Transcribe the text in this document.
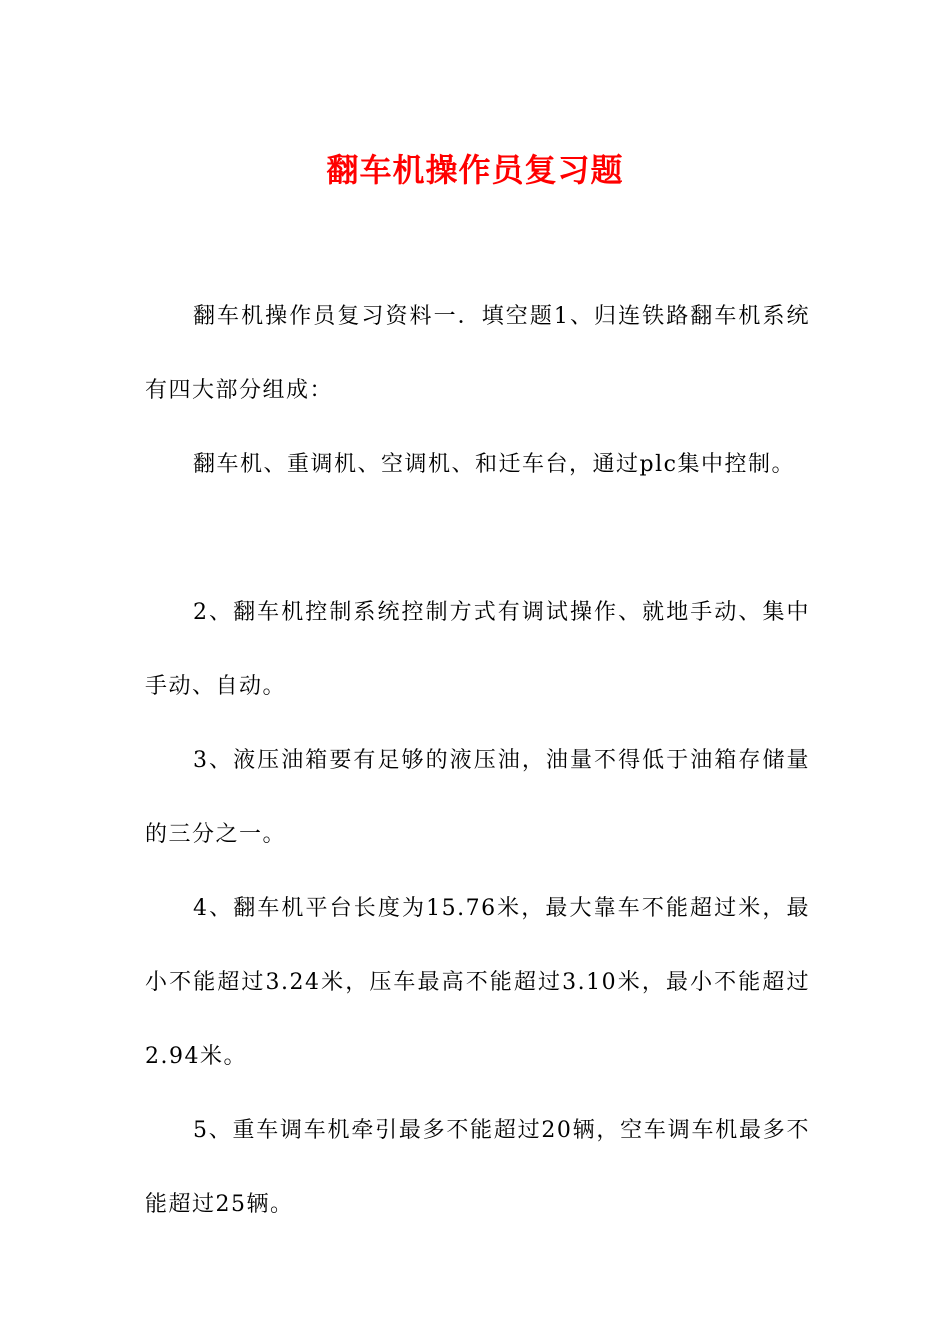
翻车机操作员复习题

翻车机操作员复习资料一．填空题1、归连铁路翻车机系统有四大部分组成：

翻车机、重调机、空调机、和迁车台，通过plc集中控制。

2、翻车机控制系统控制方式有调试操作、就地手动、集中手动、自动。

3、液压油箱要有足够的液压油，油量不得低于油箱存储量的三分之一。

4、翻车机平台长度为15.76米，最大靠车不能超过米，最小不能超过3.24米，压车最高不能超过3.10米，最小不能超过2.94米。

5、重车调车机牵引最多不能超过20辆，空车调车机最多不能超过25辆。
